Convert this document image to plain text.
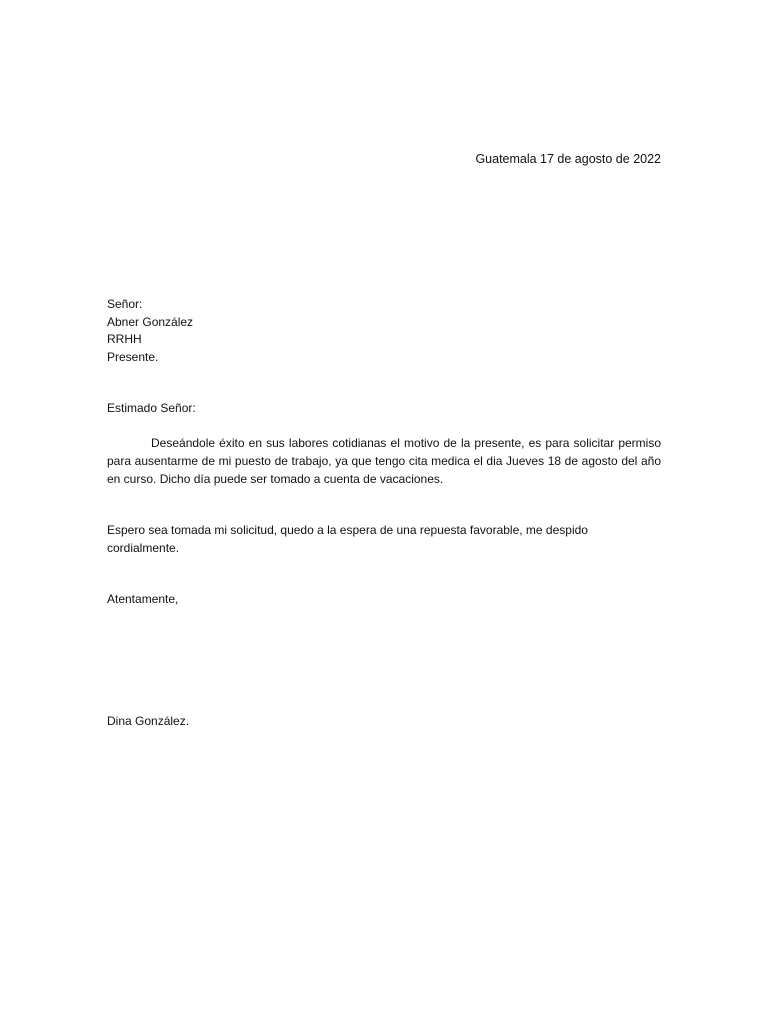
Guatemala 17 de agosto de 2022
Señor:
Abner González
RRHH
Presente.
Estimado Señor:

Deseándole éxito en sus labores cotidianas el motivo de la presente, es para solicitar permiso para ausentarme de mi puesto de trabajo, ya que tengo cita medica el dia Jueves 18 de agosto del año en curso. Dicho día puede ser tomado a cuenta de vacaciones.

Espero sea tomada mi solicitud, quedo a la espera de una repuesta favorable, me despido cordialmente.

Atentamente,
Dina González.
